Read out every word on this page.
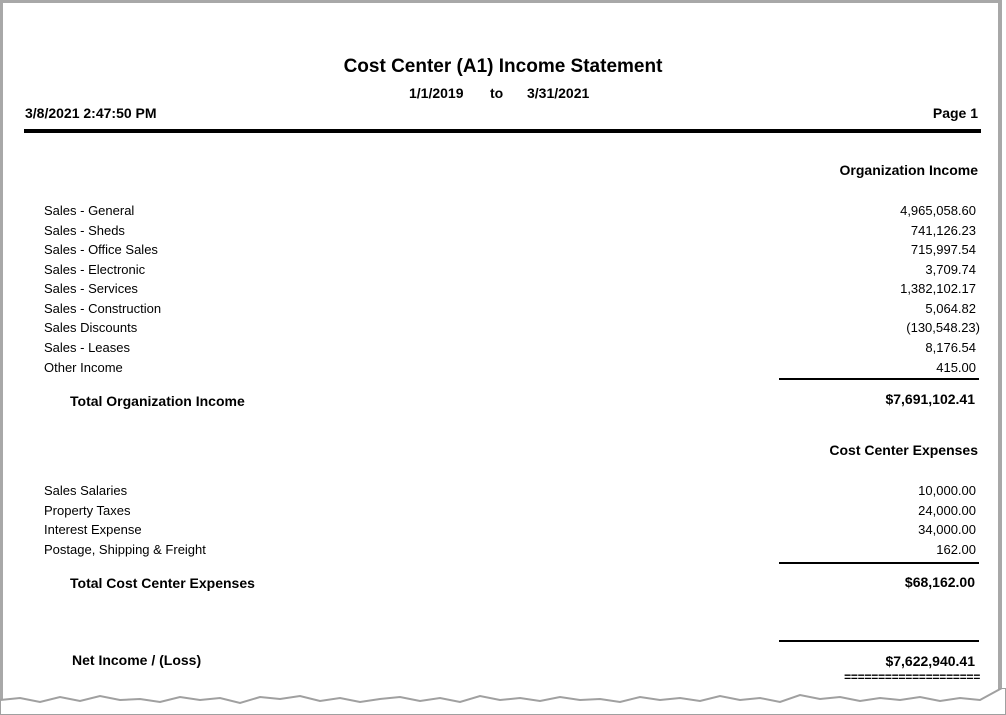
Cost Center (A1) Income Statement
1/1/2019 to 3/31/2021
3/8/2021 2:47:50 PM	Page 1
Organization Income
Sales - General	4,965,058.60
Sales - Sheds	741,126.23
Sales - Office Sales	715,997.54
Sales - Electronic	3,709.74
Sales - Services	1,382,102.17
Sales - Construction	5,064.82
Sales Discounts	(130,548.23)
Sales - Leases	8,176.54
Other Income	415.00
Total Organization Income	$7,691,102.41
Cost Center Expenses
Sales Salaries	10,000.00
Property Taxes	24,000.00
Interest Expense	34,000.00
Postage, Shipping & Freight	162.00
Total Cost Center Expenses	$68,162.00
Net Income / (Loss)	$7,622,940.41
====================
